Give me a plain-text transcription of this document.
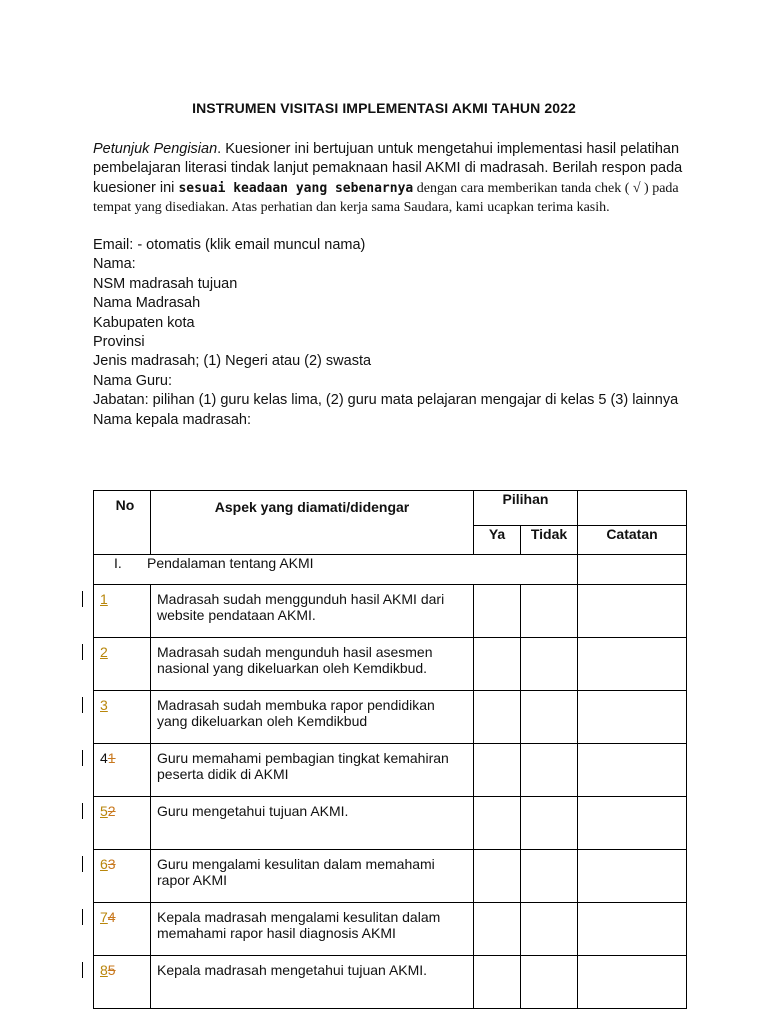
INSTRUMEN VISITASI IMPLEMENTASI AKMI TAHUN 2022

Petunjuk Pengisian. Kuesioner ini bertujuan untuk mengetahui implementasi hasil pelatihan pembelajaran literasi tindak lanjut pemaknaan hasil AKMI di madrasah. Berilah respon pada kuesioner ini sesuai keadaan yang sebenarnya dengan cara memberikan tanda chek ( √ ) pada tempat yang disediakan. Atas perhatian dan kerja sama Saudara, kami ucapkan terima kasih.

Email: - otomatis (klik email muncul nama)
Nama:
NSM madrasah tujuan
Nama Madrasah
Kabupaten kota
Provinsi
Jenis madrasah; (1) Negeri atau (2) swasta
Nama Guru:
Jabatan: pilihan (1) guru kelas lima, (2) guru mata pelajaran mengajar di kelas 5 (3) lainnya
Nama kepala madrasah:
No	Aspek yang diamati/didengar	Pilihan		
		Ya	Tidak	Catatan
I. Pendalaman tentang AKMI				

1	Madrasah sudah menggunduh hasil AKMI dari website pendataan AKMI.			

2	Madrasah sudah mengunduh hasil asesmen nasional yang dikeluarkan oleh Kemdikbud.			

3	Madrasah sudah membuka rapor pendidikan yang dikeluarkan oleh Kemdikbud			

41	Guru memahami pembagian tingkat kemahiran peserta didik di AKMI			

52	Guru mengetahui tujuan AKMI.			

63	Guru mengalami kesulitan dalam memahami rapor AKMI			

74	Kepala madrasah mengalami kesulitan dalam memahami rapor hasil diagnosis AKMI			

85	Kepala madrasah mengetahui tujuan AKMI.			
